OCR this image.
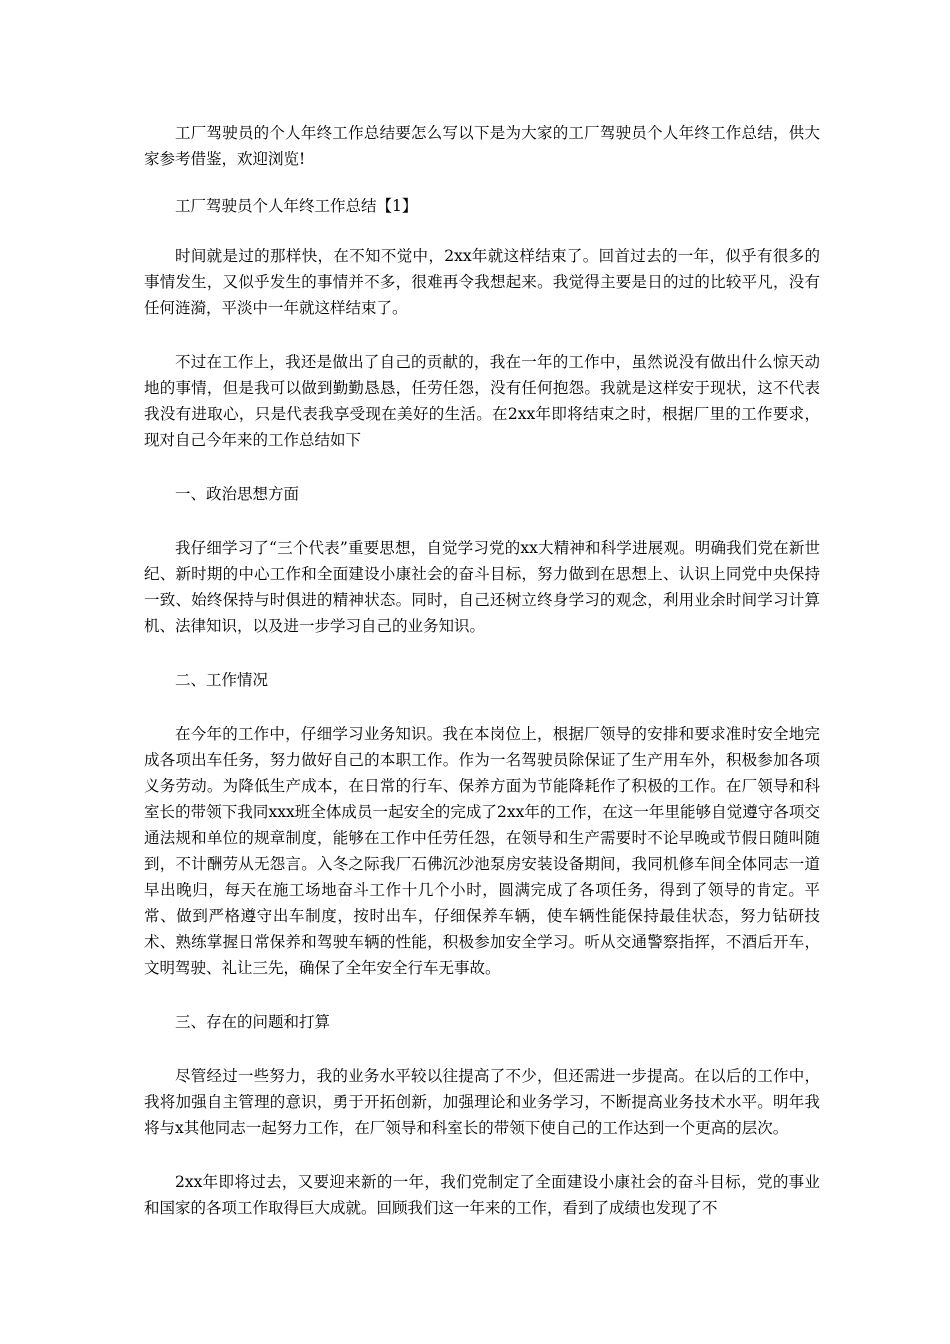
工厂驾驶员的个人年终工作总结要怎么写以下是为大家的工厂驾驶员个人年终工作总结，供大家参考借鉴，欢迎浏览!

工厂驾驶员个人年终工作总结【1】

时间就是过的那样快，在不知不觉中，2xx年就这样结束了。回首过去的一年，似乎有很多的事情发生，又似乎发生的事情并不多，很难再令我想起来。我觉得主要是日的过的比较平凡，没有任何涟漪，平淡中一年就这样结束了。

不过在工作上，我还是做出了自己的贡献的，我在一年的工作中，虽然说没有做出什么惊天动地的事情，但是我可以做到勤勤恳恳，任劳任怨，没有任何抱怨。我就是这样安于现状，这不代表我没有进取心，只是代表我享受现在美好的生活。在2xx年即将结束之时，根据厂里的工作要求，现对自己今年来的工作总结如下

一、政治思想方面

我仔细学习了“三个代表”重要思想，自觉学习党的xx大精神和科学进展观。明确我们党在新世纪、新时期的中心工作和全面建设小康社会的奋斗目标，努力做到在思想上、认识上同党中央保持一致、始终保持与时俱进的精神状态。同时，自己还树立终身学习的观念，利用业余时间学习计算机、法律知识，以及进一步学习自己的业务知识。

二、工作情况

在今年的工作中，仔细学习业务知识。我在本岗位上，根据厂领导的安排和要求准时安全地完成各项出车任务，努力做好自己的本职工作。作为一名驾驶员除保证了生产用车外，积极参加各项义务劳动。为降低生产成本，在日常的行车、保养方面为节能降耗作了积极的工作。在厂领导和科室长的带领下我同xxx班全体成员一起安全的完成了2xx年的工作，在这一年里能够自觉遵守各项交通法规和单位的规章制度，能够在工作中任劳任怨，在领导和生产需要时不论早晚或节假日随叫随到，不计酬劳从无怨言。入冬之际我厂石佛沉沙池泵房安装设备期间，我同机修车间全体同志一道早出晚归，每天在施工场地奋斗工作十几个小时，圆满完成了各项任务，得到了领导的肯定。平常、做到严格遵守出车制度，按时出车，仔细保养车辆，使车辆性能保持最佳状态，努力钻研技术、熟练掌握日常保养和驾驶车辆的性能，积极参加安全学习。听从交通警察指挥，不酒后开车，文明驾驶、礼让三先，确保了全年安全行车无事故。

三、存在的问题和打算

尽管经过一些努力，我的业务水平较以往提高了不少，但还需进一步提高。在以后的工作中，我将加强自主管理的意识，勇于开拓创新，加强理论和业务学习，不断提高业务技术水平。明年我将与x其他同志一起努力工作，在厂领导和科室长的带领下使自己的工作达到一个更高的层次。

2xx年即将过去，又要迎来新的一年，我们党制定了全面建设小康社会的奋斗目标，党的事业和国家的各项工作取得巨大成就。回顾我们这一年来的工作，看到了成绩也发现了不
